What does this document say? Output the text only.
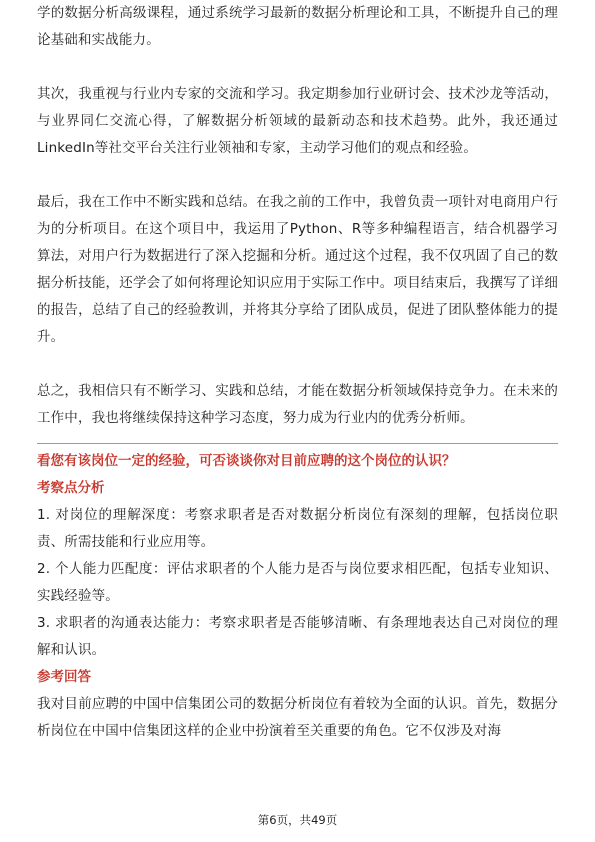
学的数据分析高级课程，通过系统学习最新的数据分析理论和工具，不断提升自己的理论基础和实战能力。

其次，我重视与行业内专家的交流和学习。我定期参加行业研讨会、技术沙龙等活动，与业界同仁交流心得，了解数据分析领域的最新动态和技术趋势。此外，我还通过LinkedIn等社交平台关注行业领袖和专家，主动学习他们的观点和经验。

最后，我在工作中不断实践和总结。在我之前的工作中，我曾负责一项针对电商用户行为的分析项目。在这个项目中，我运用了Python、R等多种编程语言，结合机器学习算法，对用户行为数据进行了深入挖掘和分析。通过这个过程，我不仅巩固了自己的数据分析技能，还学会了如何将理论知识应用于实际工作中。项目结束后，我撰写了详细的报告，总结了自己的经验教训，并将其分享给了团队成员，促进了团队整体能力的提升。

总之，我相信只有不断学习、实践和总结，才能在数据分析领域保持竞争力。在未来的工作中，我也将继续保持这种学习态度，努力成为行业内的优秀分析师。

看您有该岗位一定的经验，可否谈谈你对目前应聘的这个岗位的认识？

考察点分析

1. 对岗位的理解深度：考察求职者是否对数据分析岗位有深刻的理解，包括岗位职责、所需技能和行业应用等。

2. 个人能力匹配度：评估求职者的个人能力是否与岗位要求相匹配，包括专业知识、实践经验等。

3. 求职者的沟通表达能力：考察求职者是否能够清晰、有条理地表达自己对岗位的理解和认识。

参考回答

我对目前应聘的中国中信集团公司的数据分析岗位有着较为全面的认识。首先，数据分析岗位在中国中信集团这样的企业中扮演着至关重要的角色。它不仅涉及对海

第6页，共49页
